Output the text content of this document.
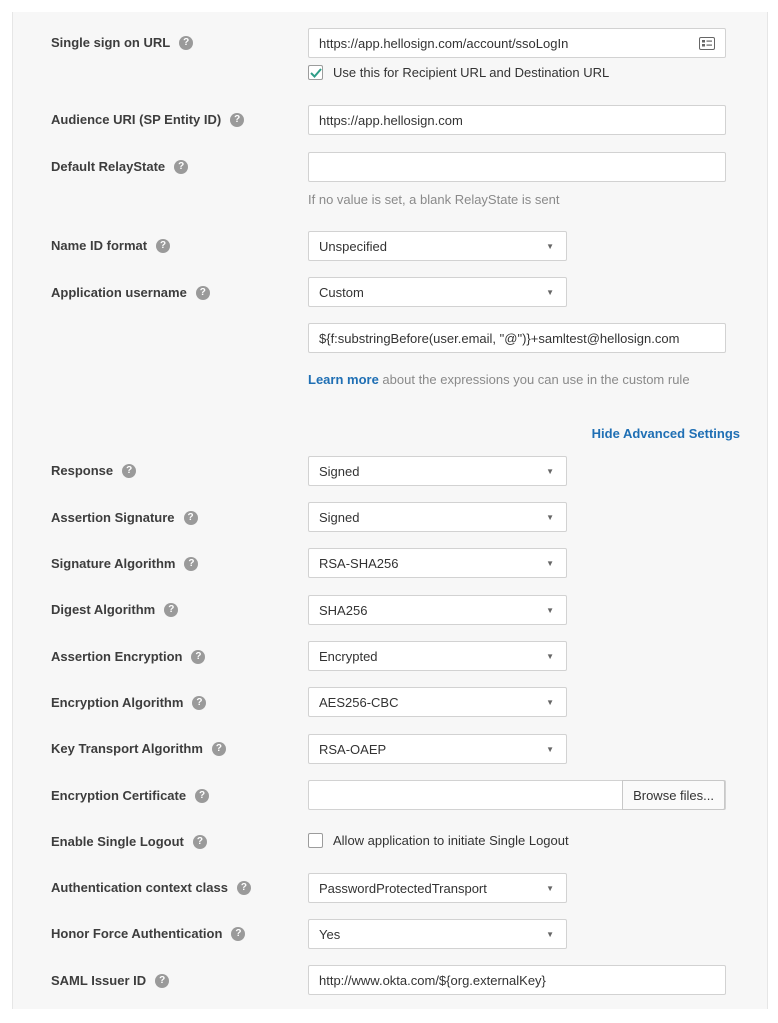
Single sign on URL	?	https://app.hellosign.com/account/ssoLogIn
Use this for Recipient URL and Destination URL
Audience URI (SP Entity ID)	?	https://app.hellosign.com
Default RelayState	?
If no value is set, a blank RelayState is sent
Name ID format	?	Unspecified	▼
Application username	?	Custom	▼
${f:substringBefore(user.email, "@")}+samltest@hellosign.com
Learn more about the expressions you can use in the custom rule
Hide Advanced Settings
Response	?	Signed	▼
Assertion Signature	?	Signed	▼
Signature Algorithm	?	RSA-SHA256	▼
Digest Algorithm	?	SHA256	▼
Assertion Encryption	?	Encrypted	▼
Encryption Algorithm	?	AES256-CBC	▼
Key Transport Algorithm	?	RSA-OAEP	▼
Encryption Certificate	?	Browse files...
Enable Single Logout	?	Allow application to initiate Single Logout
Authentication context class	?	PasswordProtectedTransport	▼
Honor Force Authentication	?	Yes	▼
SAML Issuer ID	?	http://www.okta.com/${org.externalKey}
